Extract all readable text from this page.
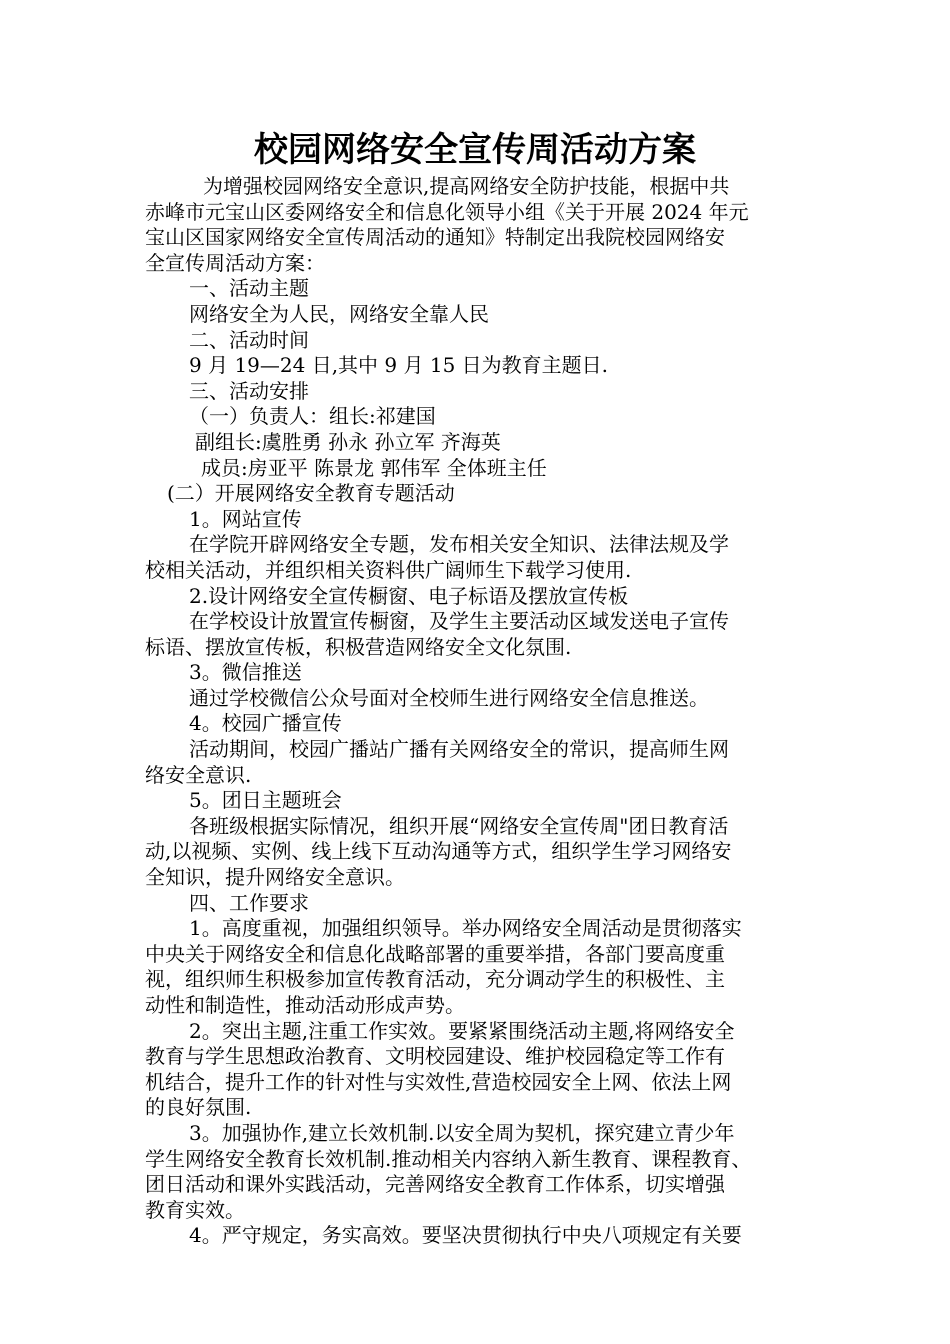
校园网络安全宣传周活动方案
为增强校园网络安全意识,提高网络安全防护技能，根据中共
赤峰市元宝山区委网络安全和信息化领导小组《关于开展 2024 年元
宝山区国家网络安全宣传周活动的通知》特制定出我院校园网络安
全宣传周活动方案：
一、活动主题
网络安全为人民，网络安全靠人民
二、活动时间
9 月 19—24 日,其中 9 月 15 日为教育主题日.
三、活动安排
（一）负责人：组长:祁建国
副组长:虞胜勇 孙永 孙立军 齐海英
成员:房亚平 陈景龙 郭伟军 全体班主任
(二）开展网络安全教育专题活动
1。网站宣传
在学院开辟网络安全专题，发布相关安全知识、法律法规及学
校相关活动，并组织相关资料供广阔师生下载学习使用.
2.设计网络安全宣传橱窗、电子标语及摆放宣传板
在学校设计放置宣传橱窗，及学生主要活动区域发送电子宣传
标语、摆放宣传板，积极营造网络安全文化氛围.
3。微信推送
通过学校微信公众号面对全校师生进行网络安全信息推送。
4。校园广播宣传
活动期间，校园广播站广播有关网络安全的常识，提高师生网
络安全意识.
5。团日主题班会
各班级根据实际情况，组织开展“网络安全宣传周"团日教育活
动,以视频、实例、线上线下互动沟通等方式，组织学生学习网络安
全知识，提升网络安全意识。
四、工作要求
1。高度重视，加强组织领导。举办网络安全周活动是贯彻落实
中央关于网络安全和信息化战略部署的重要举措，各部门要高度重
视，组织师生积极参加宣传教育活动，充分调动学生的积极性、主
动性和制造性，推动活动形成声势。
2。突出主题,注重工作实效。要紧紧围绕活动主题,将网络安全
教育与学生思想政治教育、文明校园建设、维护校园稳定等工作有
机结合，提升工作的针对性与实效性,营造校园安全上网、依法上网
的良好氛围.
3。加强协作,建立长效机制.以安全周为契机，探究建立青少年
学生网络安全教育长效机制.推动相关内容纳入新生教育、课程教育、
团日活动和课外实践活动，完善网络安全教育工作体系，切实增强
教育实效。
4。严守规定，务实高效。要坚决贯彻执行中央八项规定有关要
